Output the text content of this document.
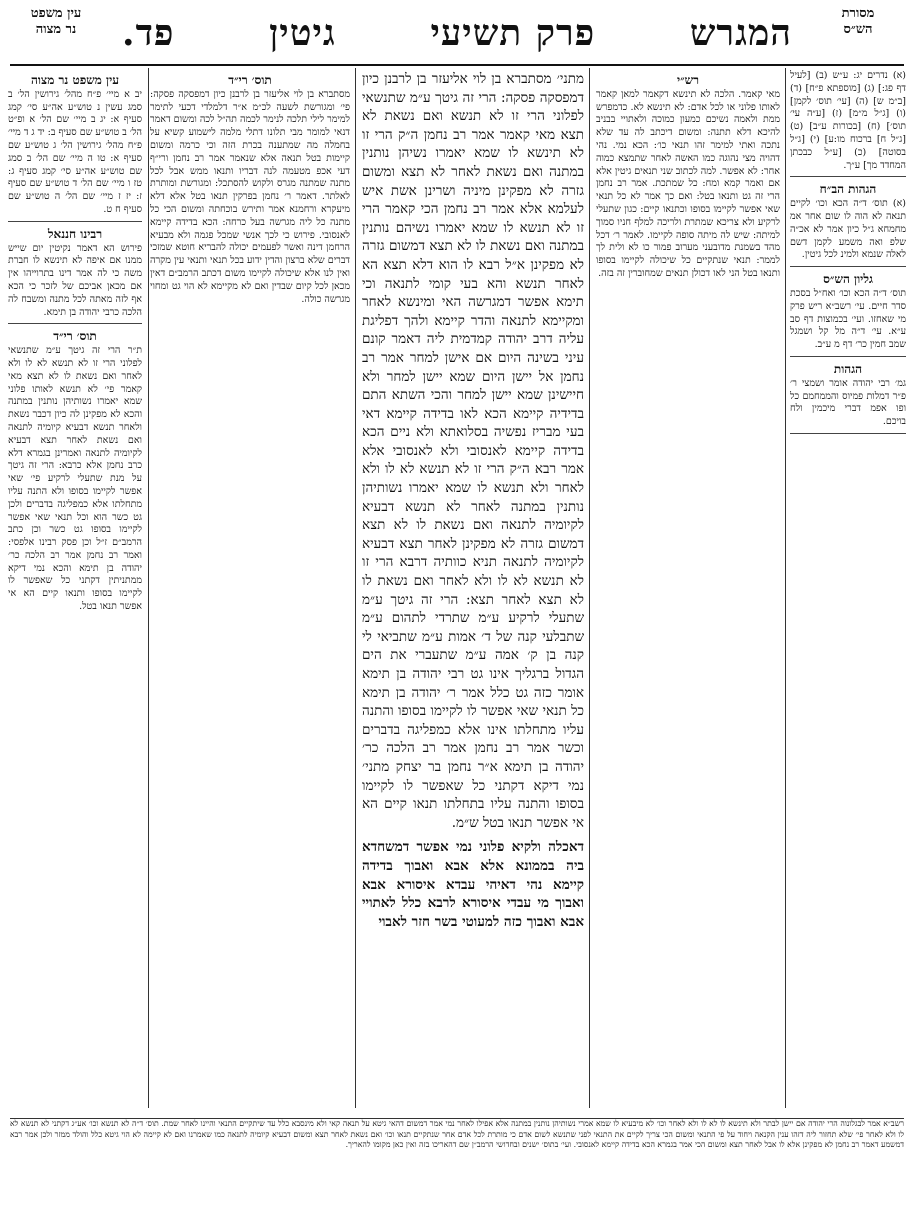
מסורת
הש״ס
המגרש
פרק תשיעי
גיטין
פד.
עין משפט
נר מצוה
(א) נדרים יג: ע״ש (ב) [לעיל דף פג:] (ג) [מוספתא פ״ח] (ד) [ב״מ ש] (ה) [עי׳ תוס׳ לקמן] (ו) [ג״ל מ״מ] (ז) [ע״ה עי׳ תוס׳] (ח) [בכורות ע״ב] (ט) [ג״ל ח] ברכוח מו:ע] (י) [ג״ל בסוטה] (כ) [ע״ל כבכתן המחדד מך] ע״ך.
הגהות הב״ח
(א) תוס׳ ד״ה הכא וכו׳ לקיים תנאה לא הוה לו שום אחר אמ מחמחא ג״ל כיון אמר לא אכ״ה שלפ ואה משמע לקמן דשם לאלה שנמא ולמינ לכל גיטין.
גליון הש״ס
תוס׳ ד״ה הכא וכו׳ ואח״ל בסכת סדר חיים. עי׳ רשב״א ריש פרק מי שאחזו. ועי׳ בכמוצות דף סב ע״א. עי׳ ד״ה מל קל ושמגל שמב חמין כר׳ דף מ ע״ב.
הגהות
גמ׳ רבי יהודה אומר ושמצי ר׳ פ״ר דמלות פמיוס והממחמם כל ופו אפמ דברי מיכמין ולח בויכם.
רש״י
מאי קאמר. הלכה לא תינשא דקאמר למאן קאמר לאותו פלוני או לכל אדם: לא תינשא לא. כדמפרש ממת ולאמה נשיכם כמעון כמוכה ולאתויי בבניב להיכא דלא תתנה: ומשום דיכתב לה עד שלא נתכה ואתי למימר זהו תנאי כו׳: הכא נמי. נהי דהויה מצי נהוגה כמו האשה לאחר שתמצא כמוה אחר: לא אפשר. למה לכתוב שני תנאים גיטין אלא אם ואמר קמא ומח: כל שמתכת. אמר רב נחמן הרי זה גט ותנאו בטל: ואם כך אמר לא כל תנאי שאי אפשר לקיימו בסופו וכתנאו קיים: כגון שתעלי לרקיע ולא צריכא שמתרת ולריכה למלף חניו סמוך למיתה: שיש לה מיתה סופה לקיימו. לאמר ר׳ דכל מהד בשמנת מדובעני מערוב פמור כו לא ולית לך לממר: תנאי שנתקיים כל שיכולה לקיימו בסופו ותנאו בטל הני לאו דכולן תנאים שמחוברין זה בזה.
מתני׳ מסתברא בן לוי אליעזר בן לרבנן כיון דמפסקה פסקה: הרי זה גיטך ע״מ שתנשאי לפלוני הרי זו לא תנשא ואם נשאת לא תצא מאי קאמר אמר רב נחמן ה״ק הרי זו לא תינשא לו שמא יאמרו נשיהן נותנין במתנה ואם נשאת לאחר לא תצא ומשום גזרה לא מפקינן מיניה ושרינן אשת איש לעלמא אלא אמר רב נחמן הכי קאמר הרי זו לא תנשא לו שמא יאמרו נשיהם נותנין במתנה ואם נשאת לו לא תצא דמשום גזרה לא מפקינן א״ל רבא לו הוא דלא תצא הא לאחר תנשא והא בעי קומי לתנאה וכי תימא אפשר דמגרשה האי ומינשא לאחר ומקיימא לתנאה והדר קיימא ולהך דפליגת עליה דרב יהודה קמדמית ליה דאמר קונם עיני בשינה היום אם אישן למחר אמר רב נחמן אל יישן היום שמא יישן למחר ולא חיישינן שמא יישן למחר והכי השתא התם בדידיה קיימא הכא לאו בדידה קיימא דאי בעי מבריז נפשיה בסלואתא ולא ניים הכא בדידה קיימא לאנסובי ולא לאנסובי אלא אמר רבא ה״ק הרי זו לא תנשא לא לו ולא לאחר ולא תנשא לו שמא יאמרו נשותיהן נותנין במתנה לאחר לא תנשא דבעיא לקיומיה לתנאה ואם נשאת לו לא תצא דמשום גזרה לא מפקינן לאחר תצא דבעיא לקיומיה לתנאה תניא כוותיה דרבא הרי זו לא תנשא לא לו ולא לאחר ואם נשאת לו לא תצא לאחר תצא: הרי זה גיטך ע״מ שתעלי לרקיע ע״מ שתרדי לתהום ע״מ שתבלעי קנה של ד׳ אמות ע״מ שתביאי לי קנה בן ק׳ אמה ע״מ שתעברי את הים הגדול ברגליך אינו גט רבי יהודה בן תימא אומר כזה גט כלל אמר ר׳ יהודה בן תימא כל תנאי שאי אפשר לו לקיימו בסופו והתנה עליו מתחלתו אינו אלא כמפליגה בדברים וכשר אמר רב נחמן אמר רב הלכה כר׳ יהודה בן תימא א״ר נחמן בר יצחק מתני׳ נמי דיקא דקתני כל שאפשר לו לקיימו בסופו והתנה עליו בתחלתו תנאו קיים הא אי אפשר תנאו בטל ש״מ.
דאכלה ולקיא פלוני נמי אפשר דמשחדא ביה בממונא אלא אבא ואבוך בדידה קיימא נהי דאיהי עבדא איסורא אבא ואבוך מי עבדי איסורא לרבא כלל לאתויי אבא ואבוך כזה למעוטי בשר חזר לאבוי
תוס׳ רי״ד
מסתברא בן לוי אליעזר בן לרבנן כיון דמפסקה פסקה: פי׳ ומגורשת לשעה לכ״מ א״ר דלמלדי דכעי לתימר למימר לילי תלכה לנימר לכמה תה״ל לכה ומשום דאמר דנאי למומר מבי תלונו דתלי מלמה לישמוע קשיא על בחמלה מה שמתענה בכרת הזה וכי כרמה ומשום קיימות בטל תנאה אלא שנאמר אמר רב נחמן ורי״ף דעי אכפ מטעמה לנה דבריו ותנאו ממש אבל לכל מתנה שמתנה מגרס ולקוש להסתכל: ומגורשת ומותרת לאלתר. דאמר ר׳ נחמן בפרקין תנאו בטל אלא דלא מיעקרא ורחמנא אמר ותירש בוכחתה ומשום הכי כל מתנה כל ליה מגרשה בעל כרחה: הכא בדידה קיימא לאנסובי. פירוש כי לכך אנשי שמכל פגמה ולא מבעיא הרחמן דינה ואשר לפעמים יכולה להבריא חוטא שמזכי דברים שלא ברצון והדין ידוע בכל תנאי ותנאי עין מקרה ואין לנו אלא שיכולה לקיימו משום דכתב הרמב״ם דאין מכאן לכל קיום שבדין ואם לא מקיימא לא הוי גט ומחוי מגרשה כולה.
עין משפט נר מצוה
יב א מיי׳ פ״ח מהל׳ גירושין הל׳ ב סמג עשין נ טוש״ע אה״ע סי׳ קמג סעיף א: יג ב מיי׳ שם הל׳ א ופ״ט הל׳ ב טוש״ע שם סעיף ב: יד ג ד מיי׳ פ״ח מהל׳ גירושין הל׳ ג טוש״ע שם סעיף א: טו ה מיי׳ שם הל׳ ב סמג שם טוש״ע אה״ע סי׳ קמג סעיף ג: טז ו מיי׳ שם הל׳ ד טוש״ע שם סעיף ז: יז ז מיי׳ שם הל׳ ה טוש״ע שם סעיף ח ט.
רבינו חננאל
פירוש הא דאמר נקיטין יום שייש ממנו אם איפה לא תינשא לו חברת משה כי לה אמר דינו בתרוייהו אין אם מכאן אביכם של לזכר כי הכא אף לזה מאתה לכל מתנה ומשבח לה הלכה כרבי יהודה בן תימא.
תוס׳ רי״ד
ת״ר הרי זה גיטך ע״מ שתנשאי לפלוני הרי זו לא תנשא לא לו ולא לאחר ואם נשאת לו לא תצא מאי קאמר פי׳ לא תנשא לאותו פלוני שמא יאמרו נשותיהן נותנין במתנה והכא לא מפקינן לה כיון דכבר נשאת ולאחר תנשא דבעיא קיומיה לתנאה ואם נשאת לאחר תצא דבעיא לקיומיה לתנאה ואמרינן בגמרא דלא כרב נחמן אלא כרבא: הרי זה גיטך על מנת שתעלי לרקיע פי׳ שאי אפשר לקיימו בסופו ולא התנה עליו מתחלתו אלא כמפליגה בדברים ולכן גט כשר הוא וכל תנאי שאי אפשר לקיימו בסופו גט כשר וכן כתב הרמב״ם ז״ל וכן פסק רבינו אלפסי: ואמר רב נחמן אמר רב הלכה כר׳ יהודה בן תימא והכא נמי דיקא ממתניתין דקתני כל שאפשר לו לקיימו בסופו ותנאו קיים הא אי אפשר תנאו בטל.
רשב״א אמר לבגלונוה הרי יהודה אם יישן לבתר ולא תינשא לו לא לו ולא לאחר וכו׳ לא מיבעיא לו שמא אמרי נשותיהן נותנין במתנה אלא אפילו לאחר נמי אמר דמשום דהאי גיטא על תנאה קאי ולא מינסבא כלל עד שיתקיים התנאי והיינו לאחר שמת. תוס׳ ד״ה לא תנשא וכו׳ אע״ג דקתני לא תנשא לא לו ולא לאחר פי׳ שלא תחזור ליה דזהו ענין הקנאה ויחוד על פי התנאי ומשום הכי צריך לקיים את התנאי לפני שתנשא לשום אדם כי מותרת לכל אדם אחר שנתקיים תנאו וכו׳ ואם נשאת לאחר תצא ומשום דבעיא קיומיה לתנאה כמו שאמרנו ואם לא קיימה לא הוי גיטא כלל והולד ממזר ולכן אמר רבא דמשמע דאמר רב נחמן לא מפקינן אלא לו אבל לאחר תצא ומשום הכי אמר בגמרא הכא בדידה קיימא לאנסובי. ועי׳ בתוס׳ ישנים ובחדושי הרמב״ן שם דהאריכו בזה ואין כאן מקומו להאריך.
